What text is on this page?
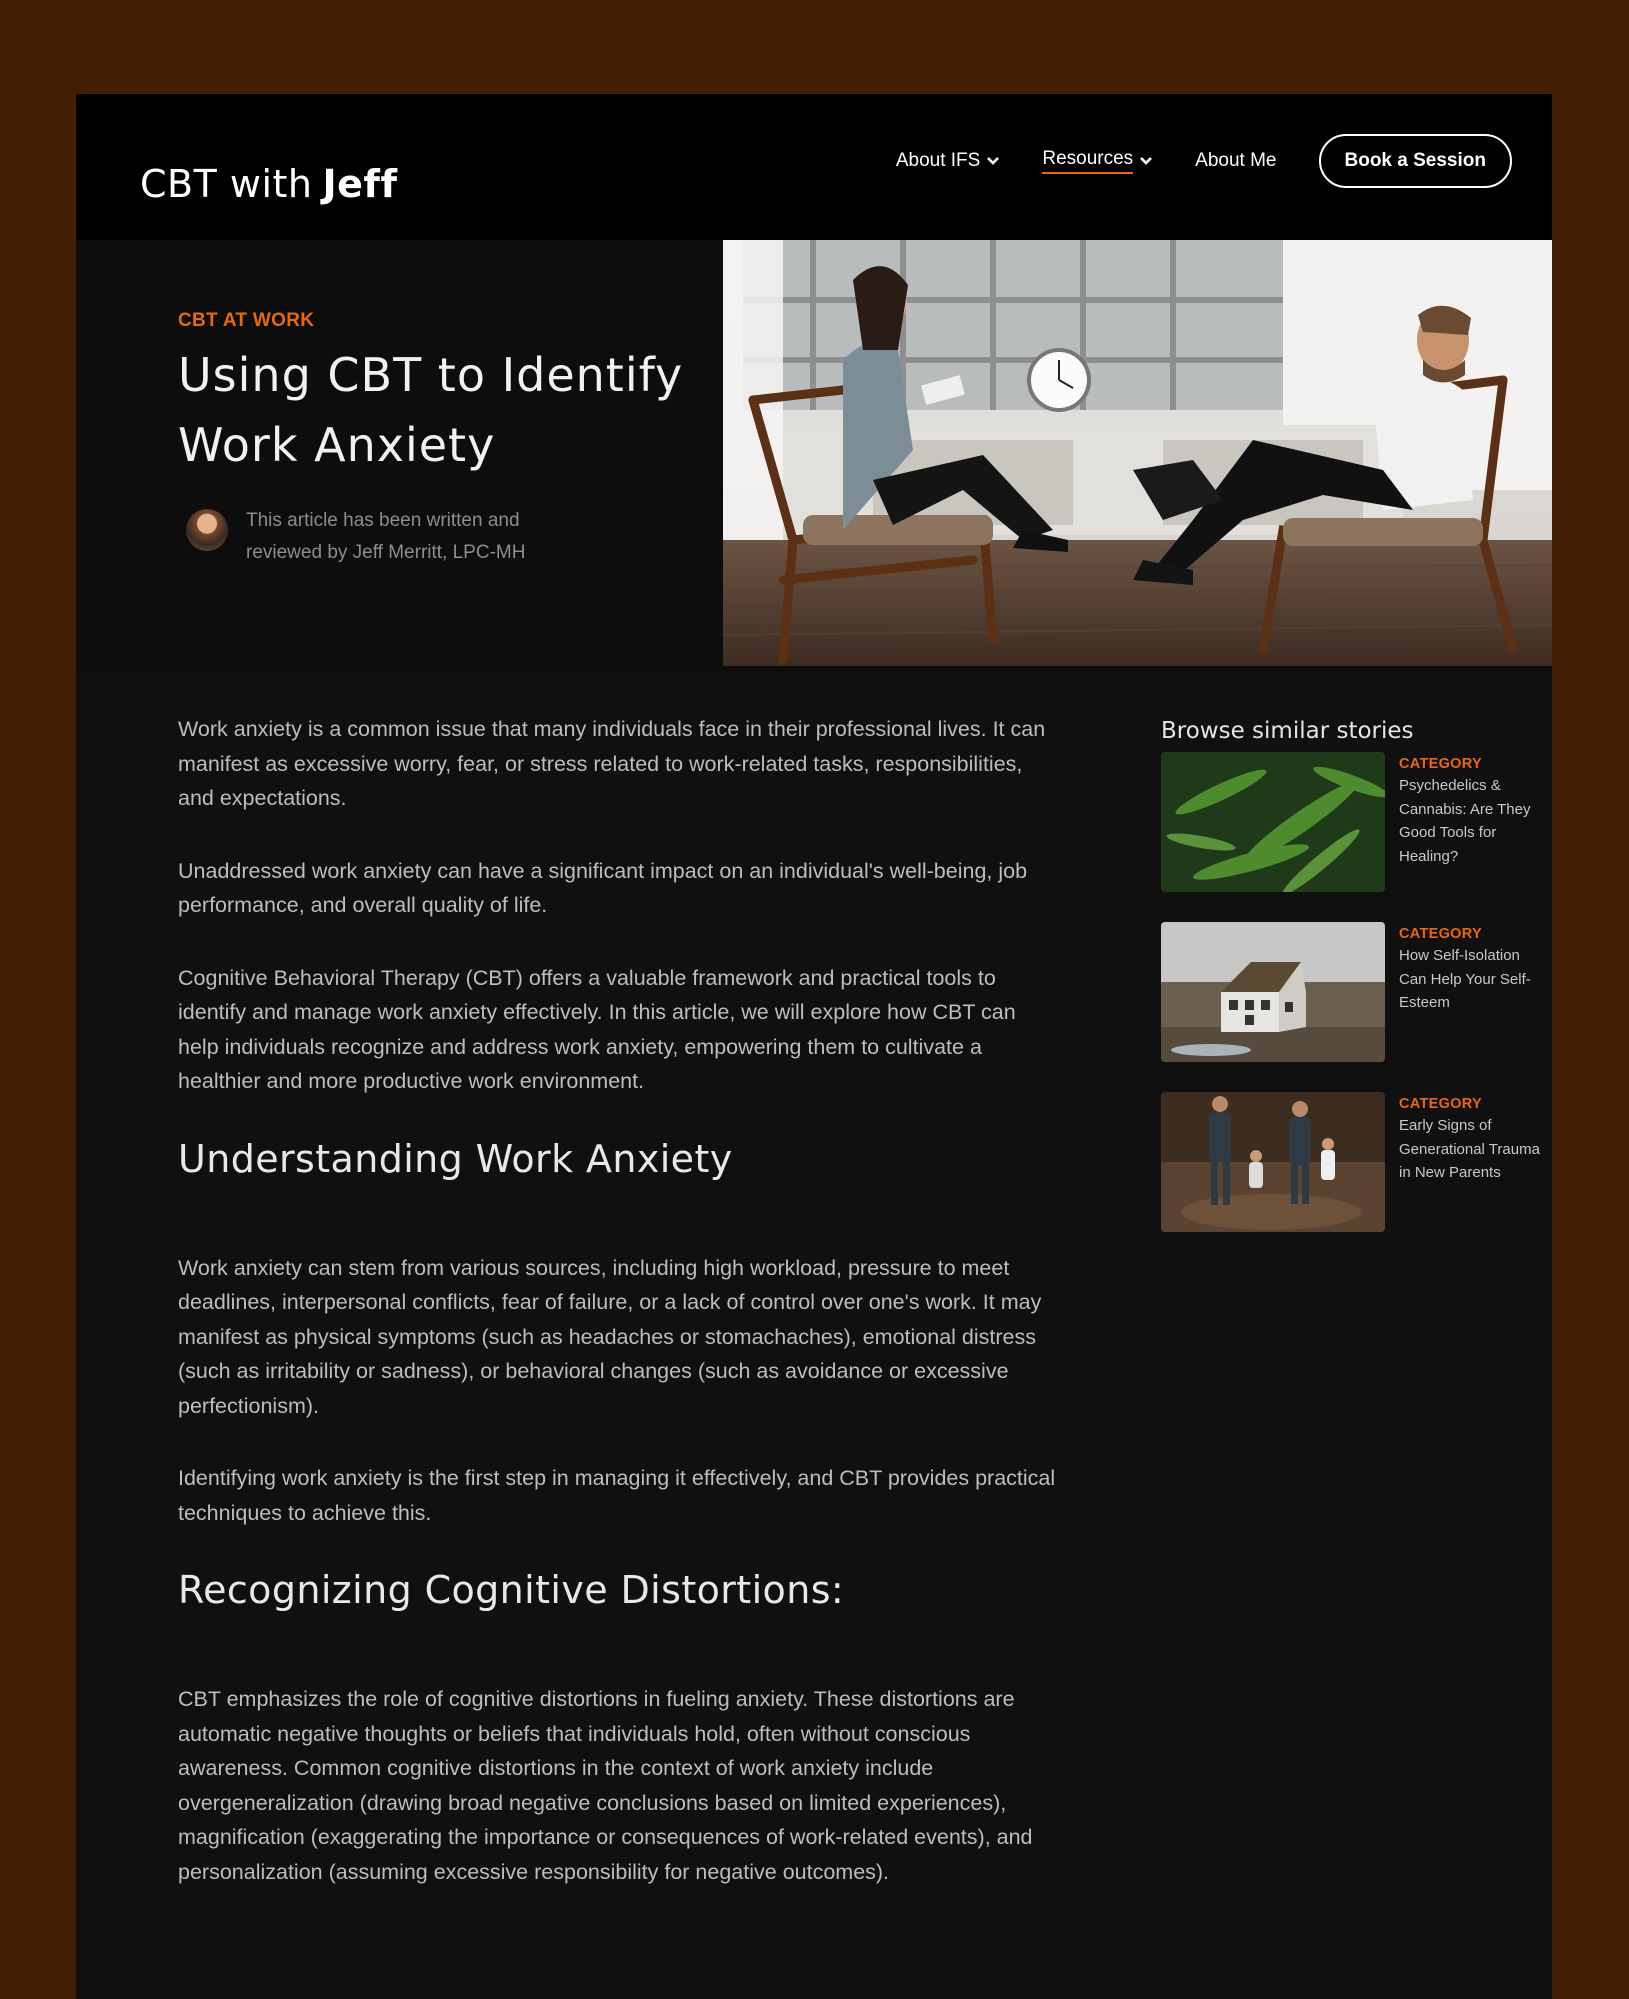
CBT with Jeff
About IFS	Resources	About Me	Book a Session
CBT AT WORK
Using CBT to Identify Work Anxiety
This article has been written and reviewed by Jeff Merritt, LPC-MH

Work anxiety is a common issue that many individuals face in their professional lives. It can manifest as excessive worry, fear, or stress related to work-related tasks, responsibilities, and expectations.

Unaddressed work anxiety can have a significant impact on an individual's well-being, job performance, and overall quality of life.

Cognitive Behavioral Therapy (CBT) offers a valuable framework and practical tools to identify and manage work anxiety effectively. In this article, we will explore how CBT can help individuals recognize and address work anxiety, empowering them to cultivate a healthier and more productive work environment.

Understanding Work Anxiety

Work anxiety can stem from various sources, including high workload, pressure to meet deadlines, interpersonal conflicts, fear of failure, or a lack of control over one's work. It may manifest as physical symptoms (such as headaches or stomachaches), emotional distress (such as irritability or sadness), or behavioral changes (such as avoidance or excessive perfectionism).

Identifying work anxiety is the first step in managing it effectively, and CBT provides practical techniques to achieve this.

Recognizing Cognitive Distortions:

CBT emphasizes the role of cognitive distortions in fueling anxiety. These distortions are automatic negative thoughts or beliefs that individuals hold, often without conscious awareness. Common cognitive distortions in the context of work anxiety include overgeneralization (drawing broad negative conclusions based on limited experiences), magnification (exaggerating the importance or consequences of work-related events), and personalization (assuming excessive responsibility for negative outcomes).

Browse similar stories
CATEGORY
Psychedelics & Cannabis: Are They Good Tools for Healing?
CATEGORY
How Self-Isolation Can Help Your Self-Esteem
CATEGORY
Early Signs of Generational Trauma in New Parents
